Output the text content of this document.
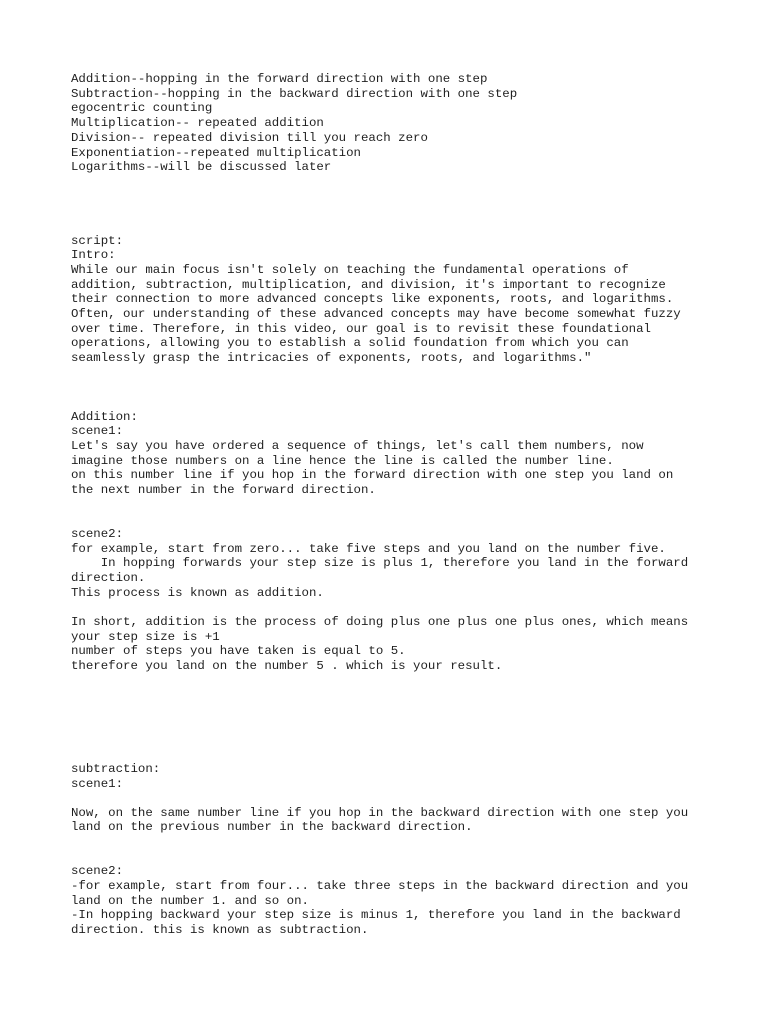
Addition--hopping in the forward direction with one step

Subtraction--hopping in the backward direction with one step

egocentric counting

Multiplication-- repeated addition

Division-- repeated division till you reach zero

Exponentiation--repeated multiplication

Logarithms--will be discussed later

script:

Intro:

While our main focus isn't solely on teaching the fundamental operations of

addition, subtraction, multiplication, and division, it's important to recognize

their connection to more advanced concepts like exponents, roots, and logarithms.

Often, our understanding of these advanced concepts may have become somewhat fuzzy

over time. Therefore, in this video, our goal is to revisit these foundational

operations, allowing you to establish a solid foundation from which you can

seamlessly grasp the intricacies of exponents, roots, and logarithms."

Addition:

scene1:

Let's say you have ordered a sequence of things, let's call them numbers, now

imagine those numbers on a line hence the line is called the number line.

on this number line if you hop in the forward direction with one step you land on

the next number in the forward direction.

scene2:

for example, start from zero... take five steps and you land on the number five.

In hopping forwards your step size is plus 1, therefore you land in the forward

direction.

This process is known as addition.

In short, addition is the process of doing plus one plus one plus ones, which means

your step size is +1

number of steps you have taken is equal to 5.

therefore you land on the number 5 . which is your result.

subtraction:

scene1:

Now, on the same number line if you hop in the backward direction with one step you

land on the previous number in the backward direction.

scene2:

-for example, start from four... take three steps in the backward direction and you

land on the number 1. and so on.

-In hopping backward your step size is minus 1, therefore you land in the backward

direction. this is known as subtraction.
